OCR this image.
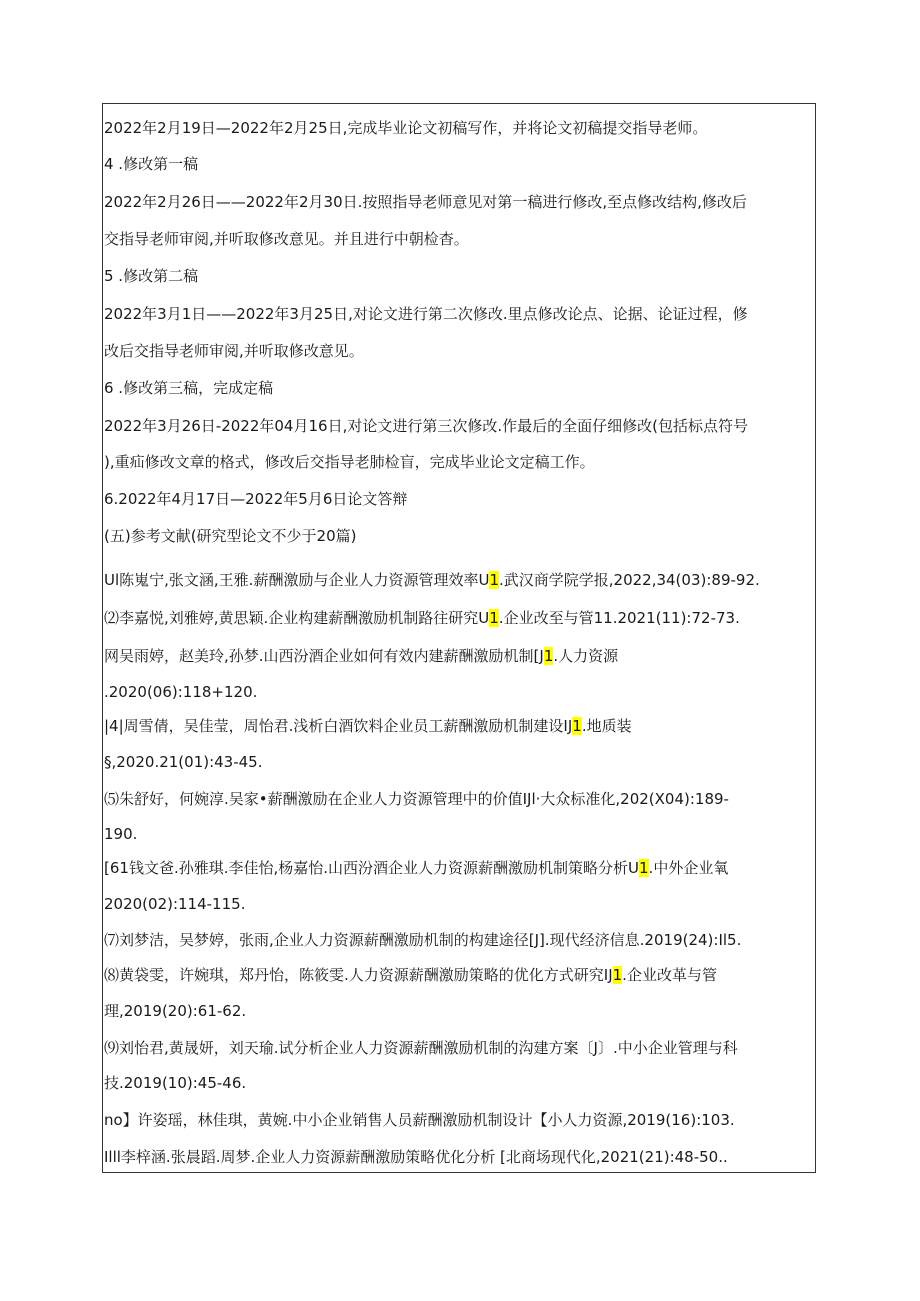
2022年2月19日—2022年2月25日,完成毕业论文初稿写作，并将论文初稿提交指导老师。
4 .修改第一稿
2022年2月26日——2022年2月30日.按照指导老师意见对第一稿进行修改,至点修改结构,修改后
交指导老师审阅,并听取修改意见。并且进行中朝检杳。
5 .修改第二稿
2022年3月1日——2022年3月25日,对论文进行第二次修改.里点修改论点、论据、论证过程，修
改后交指导老师审阅,并听取修改意见。
6 .修改第三稿，完成定稿
2022年3月26日-2022年04月16日,对论文进行第三次修改.作最后的全面仔细修改(包括标点符号
),重疝修改文章的格式，修改后交指导老肺检盲，完成毕业论文定稿工作。
6.2022年4月17日—2022年5月6日论文答辩
(五)参考文献(研究型论文不少于20篇)
Ul陈嵬宁,张文涵,王雅.薪酬激励与企业人力资源管理效率U1.武汉商学院学报,2022,34(03):89-92.
⑵李嘉悦,刘雅婷,黄思颖.企业构建薪酬激励机制路往研究U1.企业改至与管11.2021(11):72-73.
网吴雨婷，赵美玲,孙梦.山西汾酒企业如何有效内建薪酬激励机制[J1.人力资源
.2020(06):118+120.
|4|周雪倩，吴佳莹，周怡君.浅析白酒饮料企业员工薪酬激励机制建设IJ1.地质装
§,2020.21(01):43-45.
⑸朱舒好，何婉淳.吴家•薪酬激励在企业人力资源管理中的价值IJl·大众标准化,202(X04):189-
190.
[61钱文爸.孙雅琪.李佳怡,杨嘉怡.山西汾酒企业人力资源薪酬激励机制策略分析U1.中外企业氧
2020(02):114-115.
⑺刘梦洁，吴梦婷，张雨,企业人力资源薪酬激励机制的构建途径[J].现代经济信息.2019(24):Il5.
⑻黄袋雯，许婉琪，郑丹怡，陈筱雯.人力资源薪酬激励策略的优化方式研究IJ1.企业改革与管
理,2019(20):61-62.
⑼刘怡君,黄晟妍，刘天瑜.试分析企业人力资源薪酬激励机制的沟建方案〔J〕.中小企业管理与科
技.2019(10):45-46.
no】许姿瑶，林佳琪，黄婉.中小企业销售人员薪酬激励机制设计【小人力资源,2019(16):103.
Illl李梓涵.张晨蹈.周梦.企业人力资源薪酬激励策略优化分析 [北商场现代化,2021(21):48-50..
